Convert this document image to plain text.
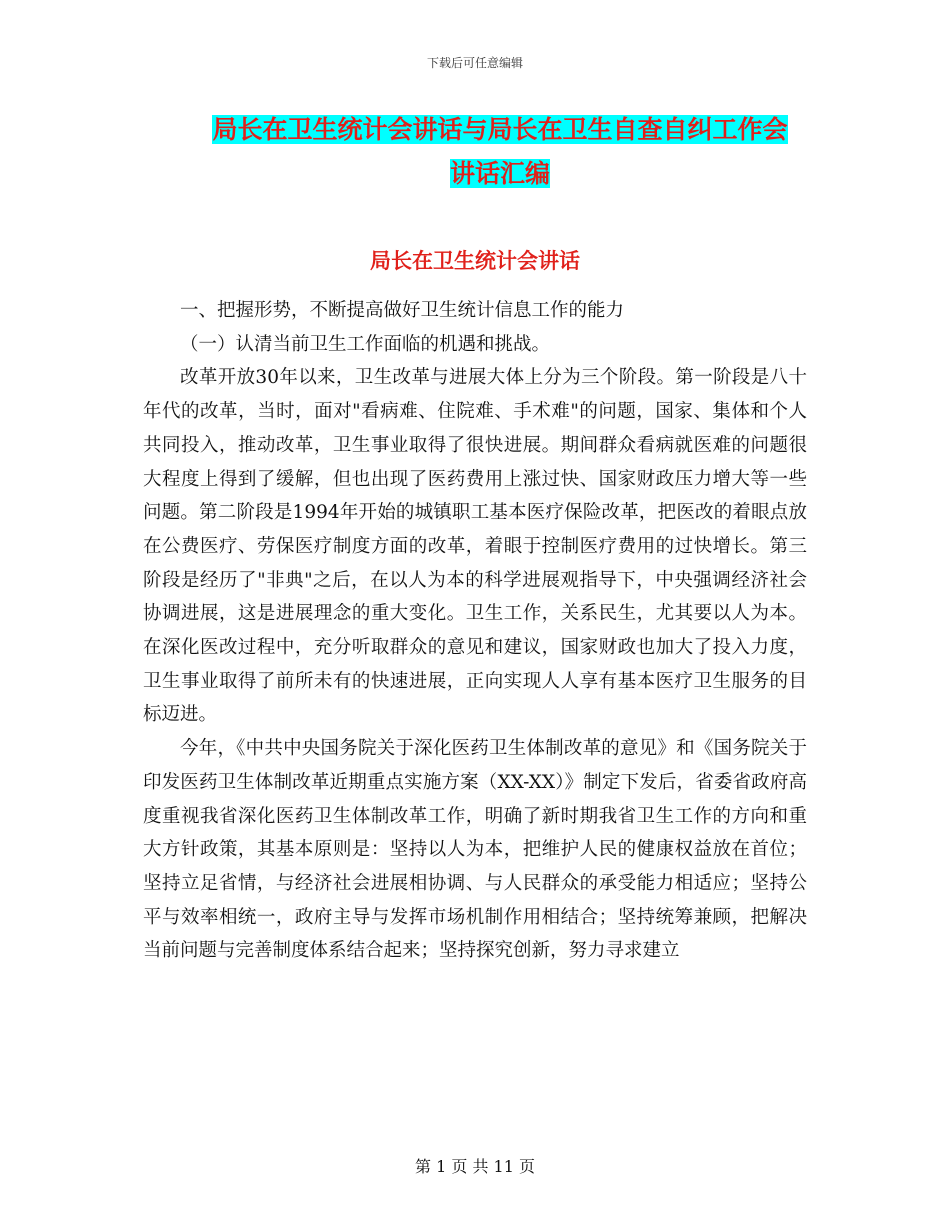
下载后可任意编辑
局长在卫生统计会讲话与局长在卫生自查自纠工作会
讲话汇编
局长在卫生统计会讲话

一、把握形势，不断提高做好卫生统计信息工作的能力

（一）认清当前卫生工作面临的机遇和挑战。

改革开放30年以来，卫生改革与进展大体上分为三个阶段。第一阶段是八十年代的改革，当时，面对"看病难、住院难、手术难"的问题，国家、集体和个人共同投入，推动改革，卫生事业取得了很快进展。期间群众看病就医难的问题很大程度上得到了缓解，但也出现了医药费用上涨过快、国家财政压力增大等一些问题。第二阶段是1994年开始的城镇职工基本医疗保险改革，把医改的着眼点放在公费医疗、劳保医疗制度方面的改革，着眼于控制医疗费用的过快增长。第三阶段是经历了"非典"之后，在以人为本的科学进展观指导下，中央强调经济社会协调进展，这是进展理念的重大变化。卫生工作，关系民生，尤其要以人为本。在深化医改过程中，充分听取群众的意见和建议，国家财政也加大了投入力度，卫生事业取得了前所未有的快速进展，正向实现人人享有基本医疗卫生服务的目标迈进。

今年，《中共中央国务院关于深化医药卫生体制改革的意见》和《国务院关于印发医药卫生体制改革近期重点实施方案（XX-XX）》制定下发后，省委省政府高度重视我省深化医药卫生体制改革工作，明确了新时期我省卫生工作的方向和重大方针政策，其基本原则是：坚持以人为本，把维护人民的健康权益放在首位；坚持立足省情，与经济社会进展相协调、与人民群众的承受能力相适应；坚持公平与效率相统一，政府主导与发挥市场机制作用相结合；坚持统筹兼顾，把解决当前问题与完善制度体系结合起来；坚持探究创新，努力寻求建立

第 1 页 共 11 页
